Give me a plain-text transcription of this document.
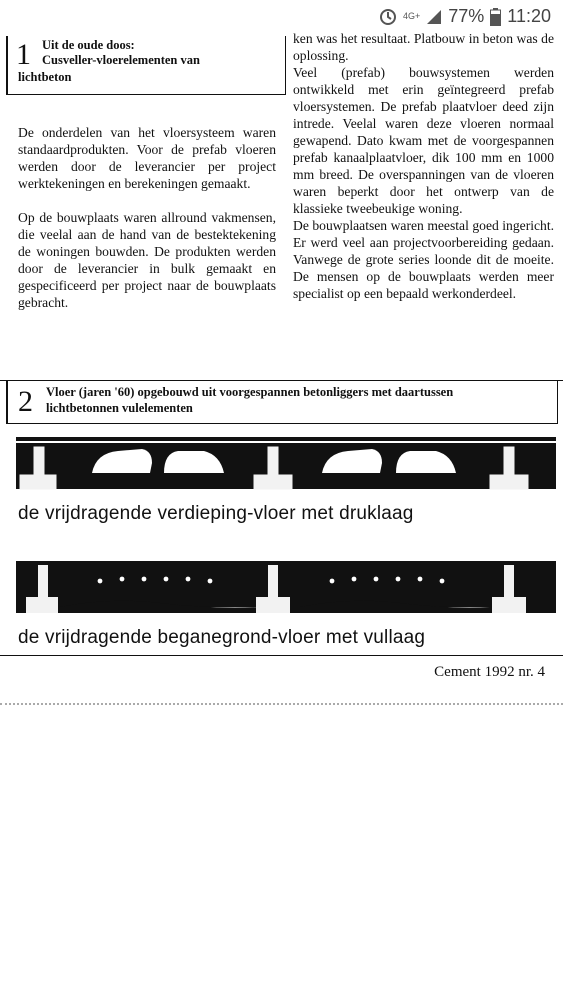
4G+ 77% 11:20
1 Uit de oude doos:
Cusveller-vloerelementen van
lichtbeton

De onderdelen van het vloersysteem waren standaardprodukten. Voor de prefab vloeren werden door de leverancier per project werktekeningen en berekeningen gemaakt.

Op de bouwplaats waren allround vakmensen, die veelal aan de hand van de bestektekening de woningen bouwden. De produkten werden door de leverancier in bulk gemaakt en gespecificeerd per project naar de bouwplaats gebracht.

ken was het resultaat. Platbouw in beton was de oplossing.

Veel (prefab) bouwsystemen werden ontwikkeld met erin geïntegreerd prefab vloersystemen. De prefab plaatvloer deed zijn intrede. Veelal waren deze vloeren normaal gewapend. Dato kwam met de voorgespannen prefab kanaalplaatvloer, dik 100 mm en 1000 mm breed. De overspanningen van de vloeren waren beperkt door het ontwerp van de klassieke tweebeukige woning.

De bouwplaatsen waren meestal goed ingericht. Er werd veel aan projectvoorbereiding gedaan. Vanwege de grote series loonde dit de moeite. De mensen op de bouwplaats werden meer specialist op een bepaald werkonderdeel.

2 Vloer (jaren '60) opgebouwd uit voorgespannen betonliggers met daartussen
lichtbetonnen vulelementen
de vrijdragende verdieping-vloer met druklaag
de vrijdragende beganegrond-vloer met vullaag
Cement 1992 nr. 4
